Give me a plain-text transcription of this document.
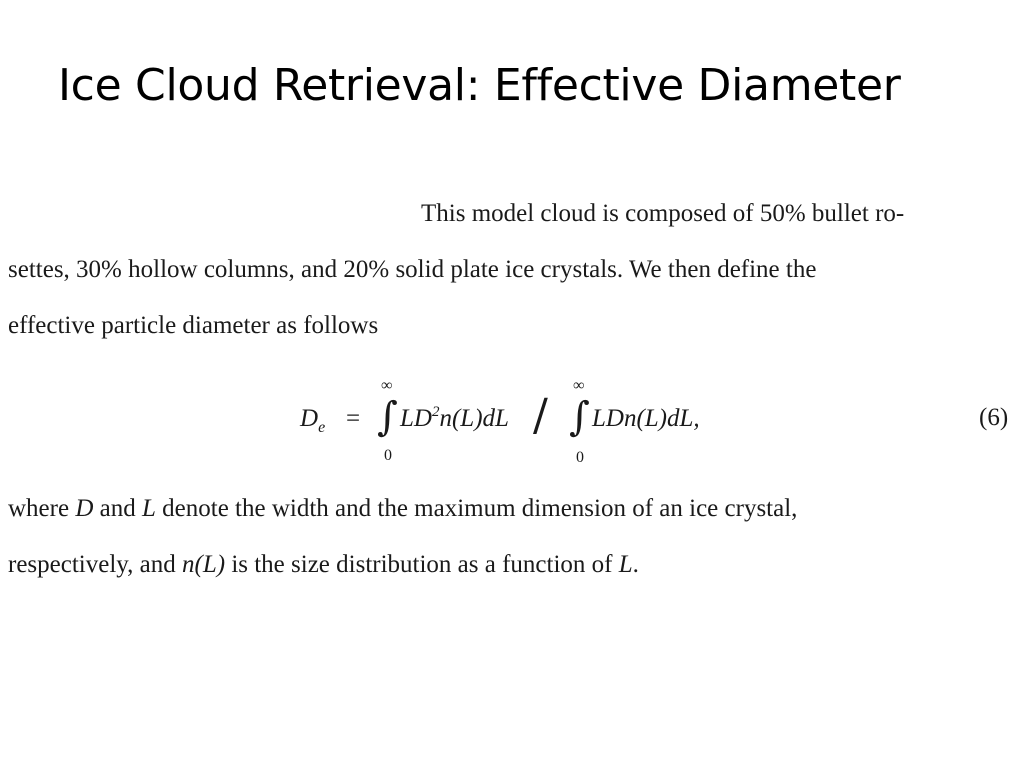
Ice Cloud Retrieval: Effective Diameter
This model cloud is composed of 50% bullet ro-
settes, 30% hollow columns, and 20% solid plate ice crystals. We then define the
effective particle diameter as follows
$D_e$ =
∞
∫
0
$LD^2n(L)dL$ /
∞
∫
0
LDn(L)dL,	(6)
where D and L denote the width and the maximum dimension of an ice crystal,
respectively, and n(L) is the size distribution as a function of L.
